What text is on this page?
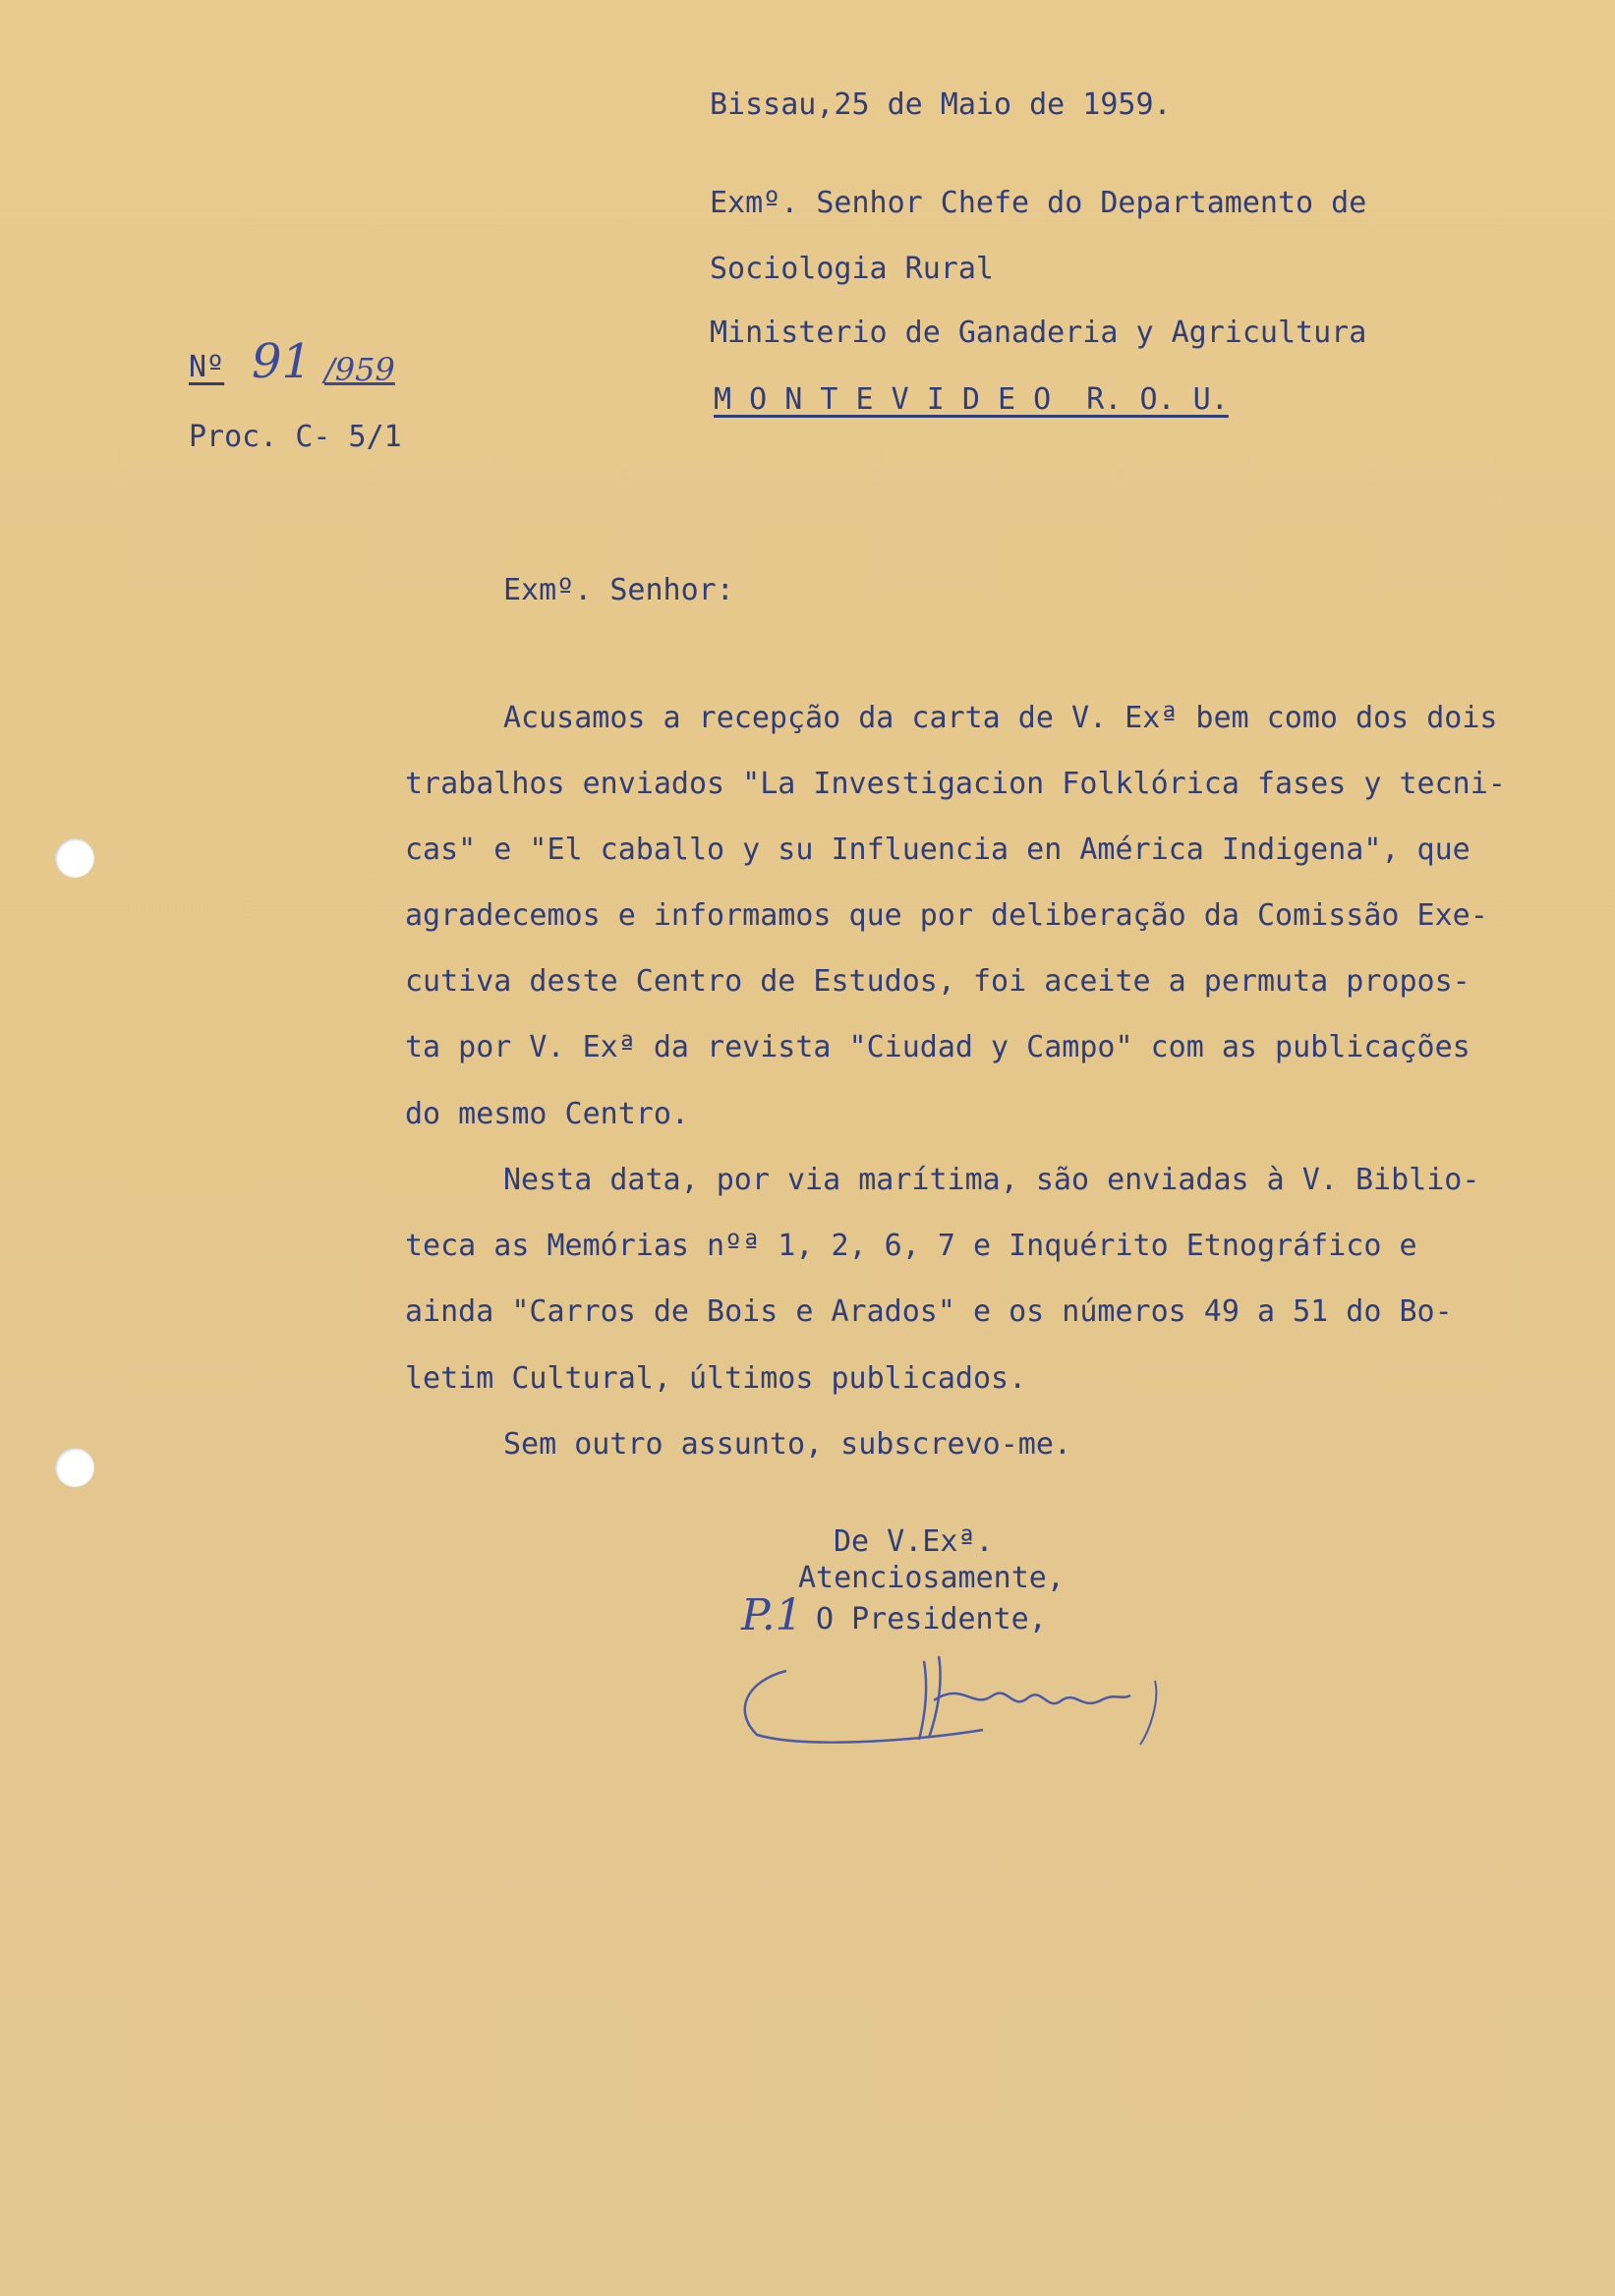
Bissau,25 de Maio de 1959.
Exmº. Senhor Chefe do Departamento de
Sociologia Rural
Ministerio de Ganaderia y Agricultura
M O N T E V I D E O  R. O. U.
Nº 91 /959
Proc. C- 5/1
Exmº. Senhor:
Acusamos a recepção da carta de V. Exª bem como dos dois
trabalhos enviados "La Investigacion Folklórica fases y tecni-
cas" e "El caballo y su Influencia en América Indigena", que
agradecemos e informamos que por deliberação da Comissão Exe-
cutiva deste Centro de Estudos, foi aceite a permuta propos-
ta por V. Exª da revista "Ciudad y Campo" com as publicações
do mesmo Centro.
Nesta data, por via marítima, são enviadas à V. Biblio-
teca as Memórias nºª 1, 2, 6, 7 e Inquérito Etnográfico e
ainda "Carros de Bois e Arados" e os números 49 a 51 do Bo-
letim Cultural, últimos publicados.
Sem outro assunto, subscrevo-me.
De V.Exª.
Atenciosamente,
P.1 O Presidente,
